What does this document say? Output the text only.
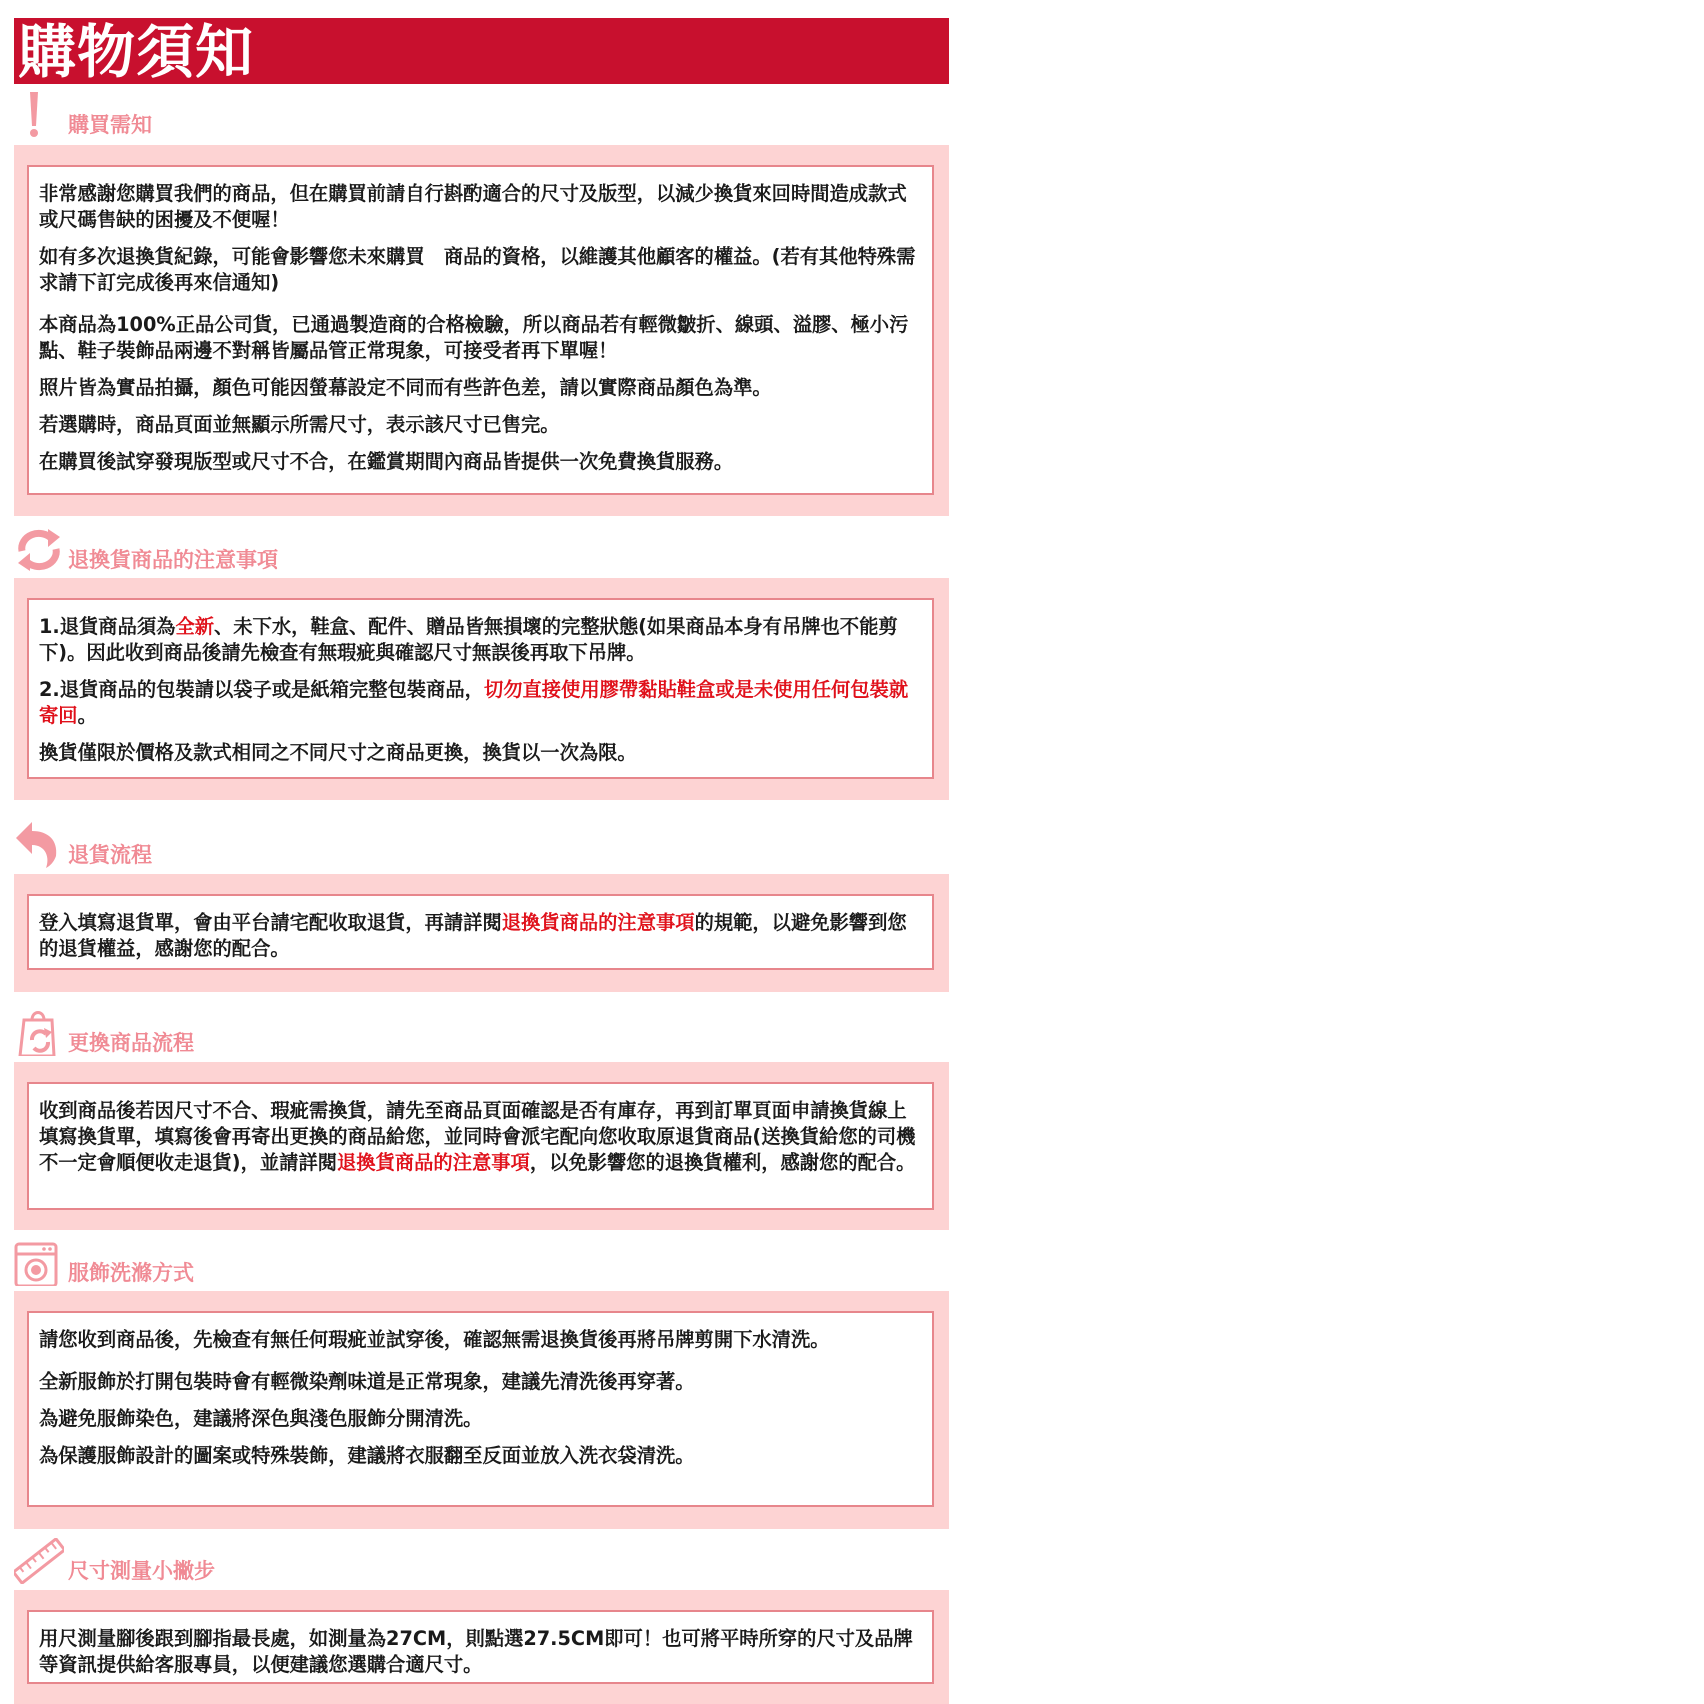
購物須知
購買需知

非常感謝您購買我們的商品，但在購買前請自行斟酌適合的尺寸及版型，以減少換貨來回時間造成款式或尺碼售缺的困擾及不便喔！

如有多次退換貨紀錄，可能會影響您未來購買　商品的資格，以維護其他顧客的權益。(若有其他特殊需求請下訂完成後再來信通知)

本商品為100%正品公司貨，已通過製造商的合格檢驗，所以商品若有輕微皺折、線頭、溢膠、極小污點、鞋子裝飾品兩邊不對稱皆屬品管正常現象，可接受者再下單喔！

照片皆為實品拍攝，顏色可能因螢幕設定不同而有些許色差，請以實際商品顏色為準。

若選購時，商品頁面並無顯示所需尺寸，表示該尺寸已售完。

在購買後試穿發現版型或尺寸不合，在鑑賞期間內商品皆提供一次免費換貨服務。

退換貨商品的注意事項

1.退貨商品須為全新、未下水，鞋盒、配件、贈品皆無損壞的完整狀態(如果商品本身有吊牌也不能剪下)。因此收到商品後請先檢查有無瑕疵與確認尺寸無誤後再取下吊牌。

2.退貨商品的包裝請以袋子或是紙箱完整包裝商品，切勿直接使用膠帶黏貼鞋盒或是未使用任何包裝就寄回。

換貨僅限於價格及款式相同之不同尺寸之商品更換，換貨以一次為限。

退貨流程

登入填寫退貨單，會由平台請宅配收取退貨，再請詳閱退換貨商品的注意事項的規範，以避免影響到您的退貨權益，感謝您的配合。

更換商品流程

收到商品後若因尺寸不合、瑕疵需換貨，請先至商品頁面確認是否有庫存，再到訂單頁面申請換貨線上填寫換貨單，填寫後會再寄出更換的商品給您，並同時會派宅配向您收取原退貨商品(送換貨給您的司機不一定會順便收走退貨)，並請詳閱退換貨商品的注意事項，以免影響您的退換貨權利，感謝您的配合。

服飾洗滌方式

請您收到商品後，先檢查有無任何瑕疵並試穿後，確認無需退換貨後再將吊牌剪開下水清洗。

全新服飾於打開包裝時會有輕微染劑味道是正常現象，建議先清洗後再穿著。

為避免服飾染色，建議將深色與淺色服飾分開清洗。

為保護服飾設計的圖案或特殊裝飾，建議將衣服翻至反面並放入洗衣袋清洗。

尺寸測量小撇步

用尺測量腳後跟到腳指最長處，如測量為27CM，則點選27.5CM即可！也可將平時所穿的尺寸及品牌等資訊提供給客服專員，以便建議您選購合適尺寸。
